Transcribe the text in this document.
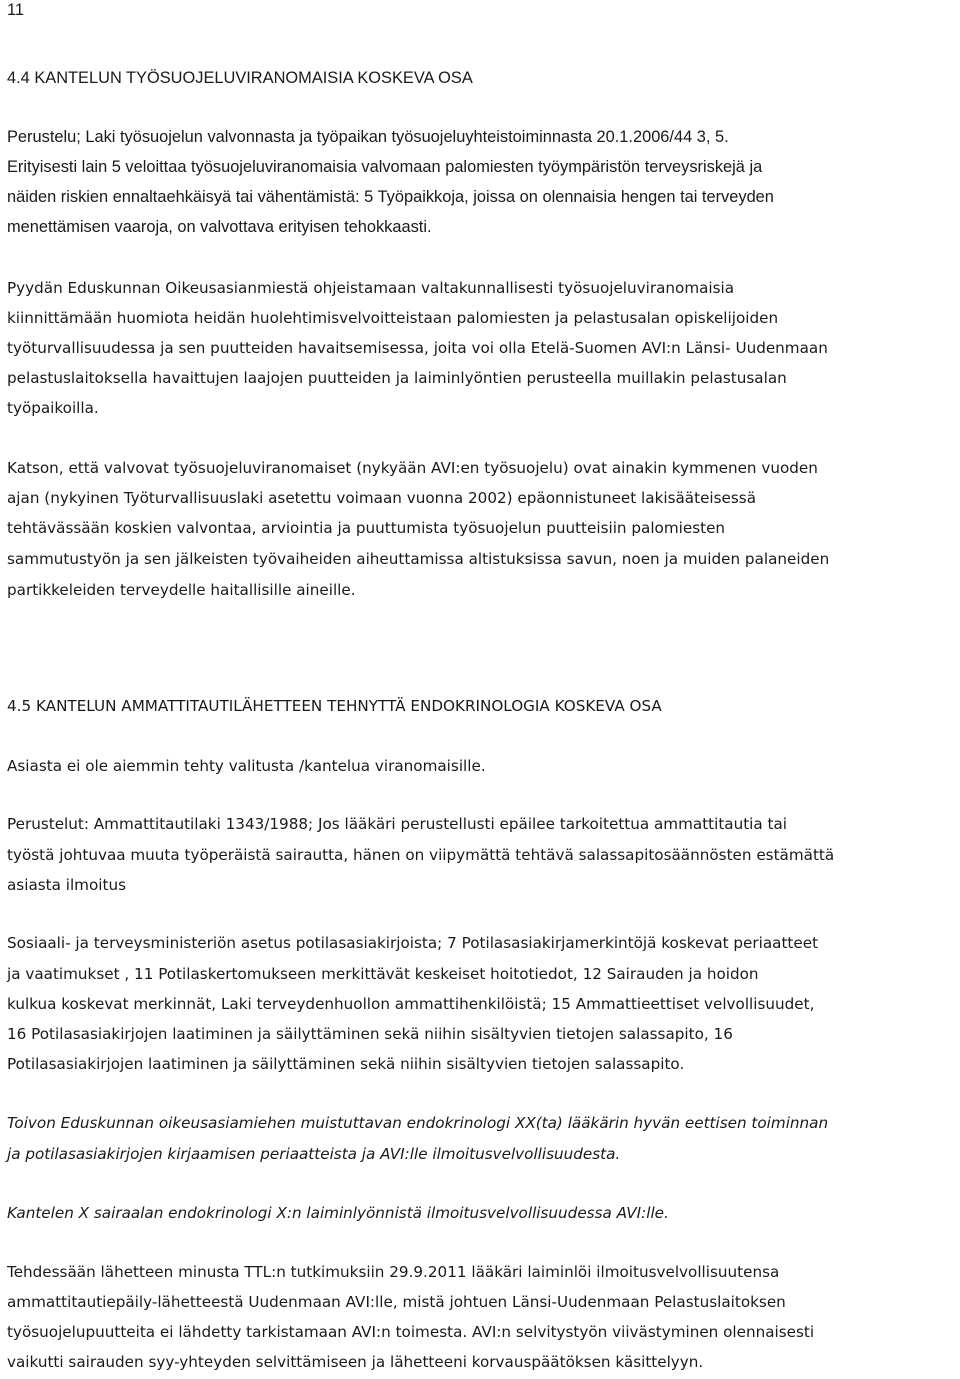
11
4.4 KANTELUN TYÖSUOJELUVIRANOMAISIA KOSKEVA OSA
Perustelu; Laki työsuojelun valvonnasta ja työpaikan työsuojeluyhteistoiminnasta 20.1.2006/44 3, 5.
Erityisesti lain 5 veloittaa työsuojeluviranomaisia valvomaan palomiesten työympäristön terveysriskejä ja
näiden riskien ennaltaehkäisyä tai vähentämistä: 5 Työpaikkoja, joissa on olennaisia hengen tai terveyden
menettämisen vaaroja, on valvottava erityisen tehokkaasti.
Pyydän Eduskunnan Oikeusasianmiestä ohjeistamaan valtakunnallisesti työsuojeluviranomaisia
kiinnittämään huomiota heidän huolehtimisvelvoitteistaan palomiesten ja pelastusalan opiskelijoiden
työturvallisuudessa ja sen puutteiden havaitsemisessa, joita voi olla Etelä-Suomen AVI:n Länsi- Uudenmaan
pelastuslaitoksella havaittujen laajojen puutteiden ja laiminlyöntien perusteella muillakin pelastusalan
työpaikoilla.
Katson, että valvovat työsuojeluviranomaiset (nykyään AVI:en työsuojelu) ovat ainakin kymmenen vuoden
ajan (nykyinen Työturvallisuuslaki asetettu voimaan vuonna 2002) epäonnistuneet lakisääteisessä
tehtävässään koskien valvontaa, arviointia ja puuttumista työsuojelun puutteisiin palomiesten
sammutustyön ja sen jälkeisten työvaiheiden aiheuttamissa altistuksissa savun, noen ja muiden palaneiden
partikkeleiden terveydelle haitallisille aineille.
4.5 KANTELUN AMMATTITAUTILÄHETTEEN TEHNYTTÄ ENDOKRINOLOGIA KOSKEVA OSA
Asiasta ei ole aiemmin tehty valitusta /kantelua viranomaisille.
Perustelut: Ammattitautilaki 1343/1988; Jos lääkäri perustellusti epäilee tarkoitettua ammattitautia tai
työstä johtuvaa muuta työperäistä sairautta, hänen on viipymättä tehtävä salassapitosäännösten estämättä
asiasta ilmoitus
Sosiaali- ja terveysministeriön asetus potilasasiakirjoista; 7 Potilasasiakirjamerkintöjä koskevat periaatteet
ja vaatimukset , 11 Potilaskertomukseen merkittävät keskeiset hoitotiedot, 12 Sairauden ja hoidon
kulkua koskevat merkinnät, Laki terveydenhuollon ammattihenkilöistä; 15 Ammattieettiset velvollisuudet,
16 Potilasasiakirjojen laatiminen ja säilyttäminen sekä niihin sisältyvien tietojen salassapito, 16
Potilasasiakirjojen laatiminen ja säilyttäminen sekä niihin sisältyvien tietojen salassapito.
Toivon Eduskunnan oikeusasiamiehen muistuttavan endokrinologi XX(ta) lääkärin hyvän eettisen toiminnan
ja potilasasiakirjojen kirjaamisen periaatteista ja AVI:lle ilmoitusvelvollisuudesta.
Kantelen X sairaalan endokrinologi X:n laiminlyönnistä ilmoitusvelvollisuudessa AVI:lle.
Tehdessään lähetteen minusta TTL:n tutkimuksiin 29.9.2011 lääkäri laiminlöi ilmoitusvelvollisuutensa
ammattitautiepäily-lähetteestä Uudenmaan AVI:lle, mistä johtuen Länsi-Uudenmaan Pelastuslaitoksen
työsuojelupuutteita ei lähdetty tarkistamaan AVI:n toimesta. AVI:n selvitystyön viivästyminen olennaisesti
vaikutti sairauden syy-yhteyden selvittämiseen ja lähetteeni korvauspäätöksen käsittelyyn.
